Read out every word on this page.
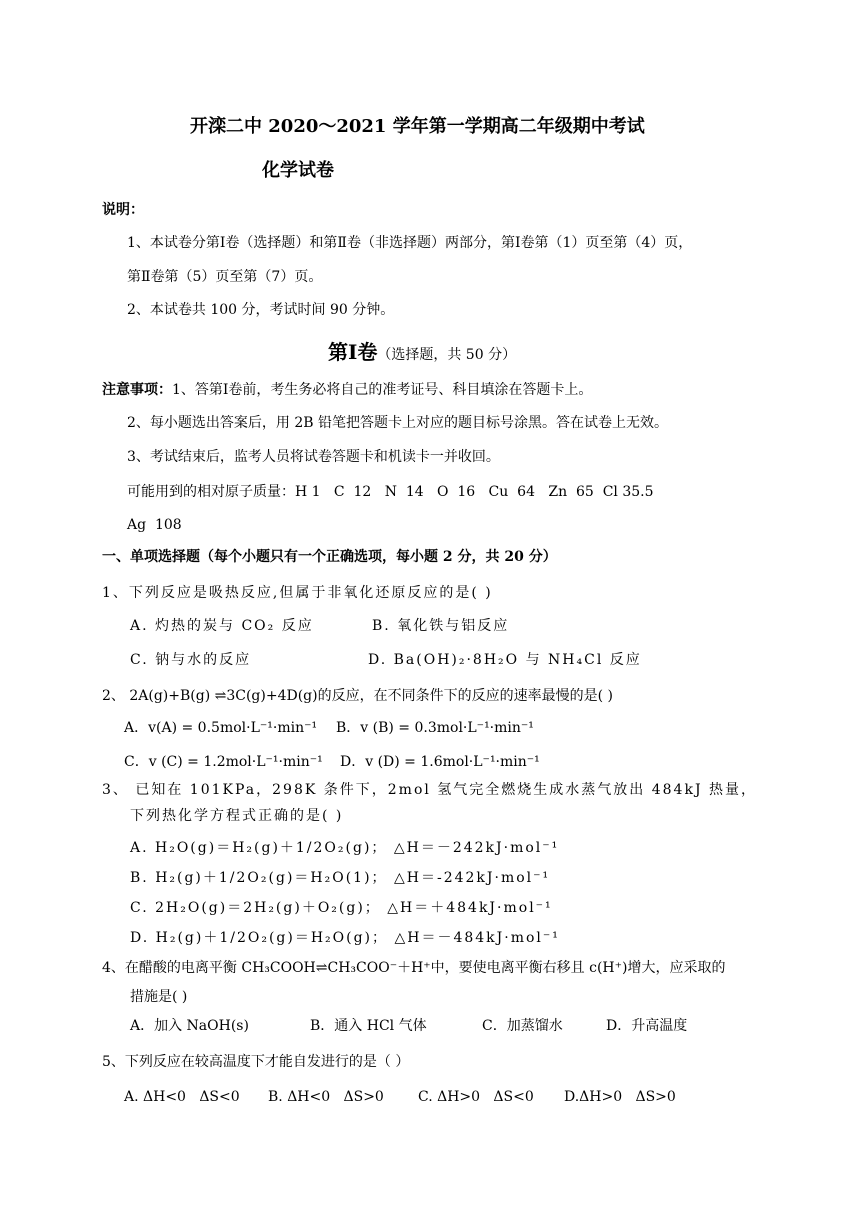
开滦二中 2020～2021 学年第一学期高二年级期中考试
化学试卷
说明：
1、本试卷分第Ⅰ卷（选择题）和第Ⅱ卷（非选择题）两部分，第Ⅰ卷第（1）页至第（4）页，
第Ⅱ卷第（5）页至第（7）页。
2、本试卷共 100 分，考试时间 90 分钟。
第Ⅰ卷（选择题，共 50 分）
注意事项：1、答第Ⅰ卷前，考生务必将自己的准考证号、科目填涂在答题卡上。
2、每小题选出答案后，用 2B 铅笔把答题卡上对应的题目标号涂黑。答在试卷上无效。
3、考试结束后，监考人员将试卷答题卡和机读卡一并收回。
可能用到的相对原子质量：H 1   C  12   N  14   O  16   Cu  64   Zn  65  Cl 35.5
Ag  108
一、单项选择题（每个小题只有一个正确选项，每小题 2 分，共 20 分）
1、下列反应是吸热反应,但属于非氧化还原反应的是( )
A. 灼热的炭与 CO₂ 反应	B. 氧化铁与铝反应
C. 钠与水的反应	D. Ba(OH)₂·8H₂O 与 NH₄Cl 反应
2、 2A(g)+B(g) ⇌3C(g)+4D(g)的反应，在不同条件下的反应的速率最慢的是( )
A．v(A) = 0.5mol·L⁻¹·min⁻¹ B．v (B) = 0.3mol·L⁻¹·min⁻¹
C．v (C) = 1.2mol·L⁻¹·min⁻¹ D．v (D) = 1.6mol·L⁻¹·min⁻¹
3、 已知在 101KPa，298K 条件下，2mol 氢气完全燃烧生成水蒸气放出 484kJ 热量，
下列热化学方程式正确的是( )
A. H₂O(g)＝H₂(g)＋1/2O₂(g)； △H＝－242kJ·mol⁻¹
B. H₂(g)＋1/2O₂(g)＝H₂O(1)； △H＝-242kJ·mol⁻¹
C. 2H₂O(g)＝2H₂(g)＋O₂(g)； △H＝＋484kJ·mol⁻¹
D. H₂(g)＋1/2O₂(g)＝H₂O(g)； △H＝－484kJ·mol⁻¹
4、在醋酸的电离平衡 CH₃COOH⇌CH₃COO⁻＋H⁺中，要使电离平衡右移且 c(H⁺)增大，应采取的
措施是( )
A．加入 NaOH(s)	B．通入 HCl 气体	C．加蒸馏水	D．升高温度
5、下列反应在较高温度下才能自发进行的是（ ）
A. ΔH<0   ΔS<0 B. ΔH<0   ΔS>0 C. ΔH>0   ΔS<0 D.ΔH>0   ΔS>0
